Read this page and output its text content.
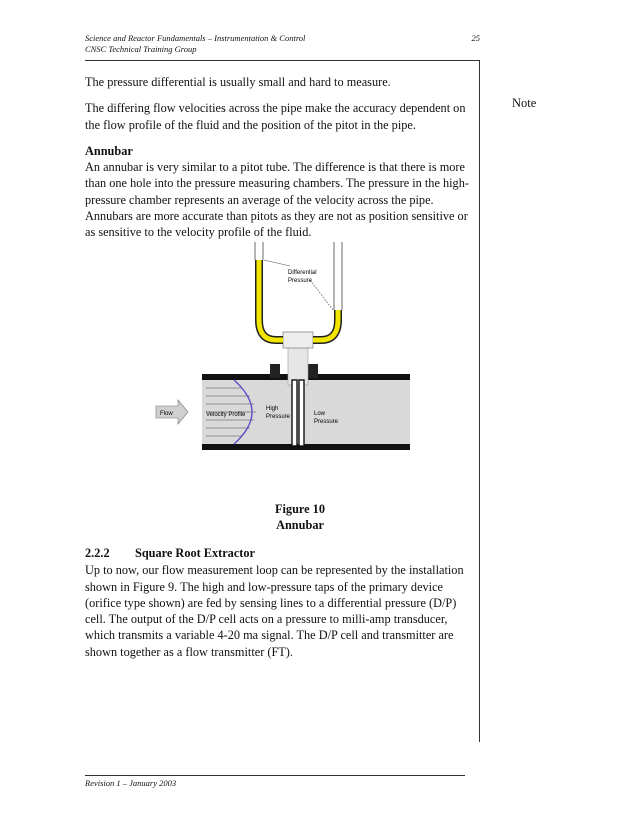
Science and Reactor Fundamentals – Instrumentation & Control
CNSC Technical Training Group
25
Note

The pressure differential is usually small and hard to measure.

The differing flow velocities across the pipe make the accuracy dependent on the flow profile of the fluid and the position of the pitot in the pipe.

Annubar

An annubar is very similar to a pitot tube. The difference is that there is more than one hole into the pressure measuring chambers. The pressure in the high-pressure chamber represents an average of the velocity across the pipe. Annubars are more accurate than pitots as they are not as position sensitive or as sensitive to the velocity profile of the fluid.

Differential
Pressure
Flow	Velocity Profile
High
Pressure	Low
Pressure
Figure 10
Annubar
2.2.2 Square Root Extractor

Up to now, our flow measurement loop can be represented by the installation shown in Figure 9. The high and low-pressure taps of the primary device (orifice type shown) are fed by sensing lines to a differential pressure (D/P) cell. The output of the D/P cell acts on a pressure to milli-amp transducer, which transmits a variable 4-20 ma signal. The D/P cell and transmitter are shown together as a flow transmitter (FT).

Revision 1 – January 2003
